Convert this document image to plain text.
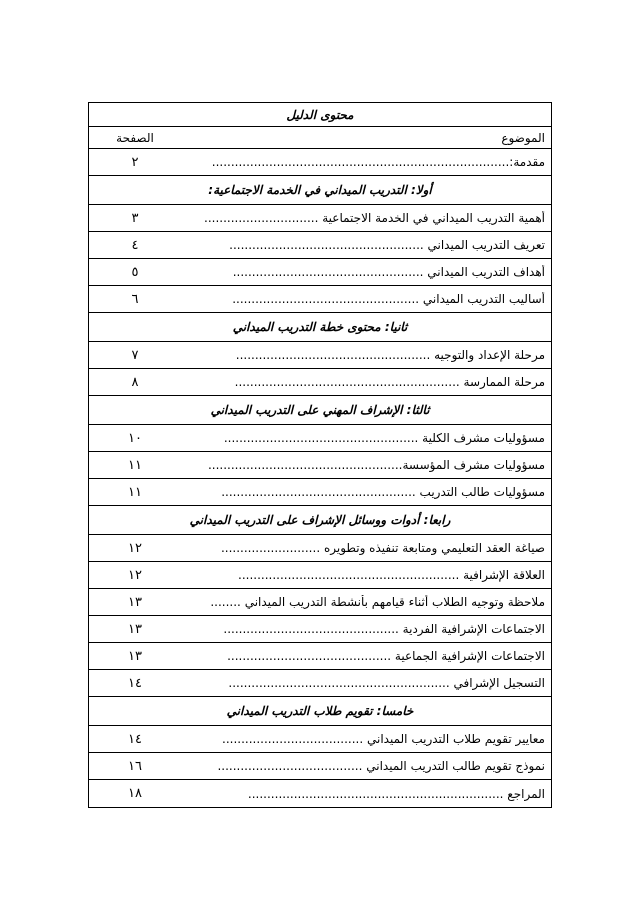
محتوى الدليل
الموضوع
الصفحة
مقدمة:..............................................................................
٢
أولا: التدريب الميداني في الخدمة الاجتماعية:
أهمية التدريب الميداني في الخدمة الاجتماعية ..............................
٣
تعريف التدريب الميداني ...................................................
٤
أهداف التدريب الميداني ..................................................
٥
أساليب التدريب الميداني .................................................
٦
ثانيا: محتوى خطة التدريب الميداني
مرحلة الإعداد والتوجيه ...................................................
٧
مرحلة الممارسة ...........................................................
٨
ثالثا: الإشراف المهني على التدريب الميداني
مسؤوليات مشرف الكلية ...................................................
١٠
مسؤوليات مشرف المؤسسة...................................................
١١
مسؤوليات طالب التدريب ...................................................
١١
رابعا: أدوات ووسائل الإشراف على التدريب الميداني
صياغة العقد التعليمي ومتابعة تنفيذه وتطويره ..........................
١٢
العلاقة الإشرافية ..........................................................
١٢
ملاحظة وتوجيه الطلاب أثناء قيامهم بأنشطة التدريب الميداني ........
١٣
الاجتماعات الإشرافية الفردية ..............................................
١٣
الاجتماعات الإشرافية الجماعية ...........................................
١٣
التسجيل الإشرافي ..........................................................
١٤
خامسا: تقويم طلاب التدريب الميداني
معايير تقويم طلاب التدريب الميداني .....................................
١٤
نموذج تقويم طالب التدريب الميداني ......................................
١٦
المراجع ...................................................................
١٨
